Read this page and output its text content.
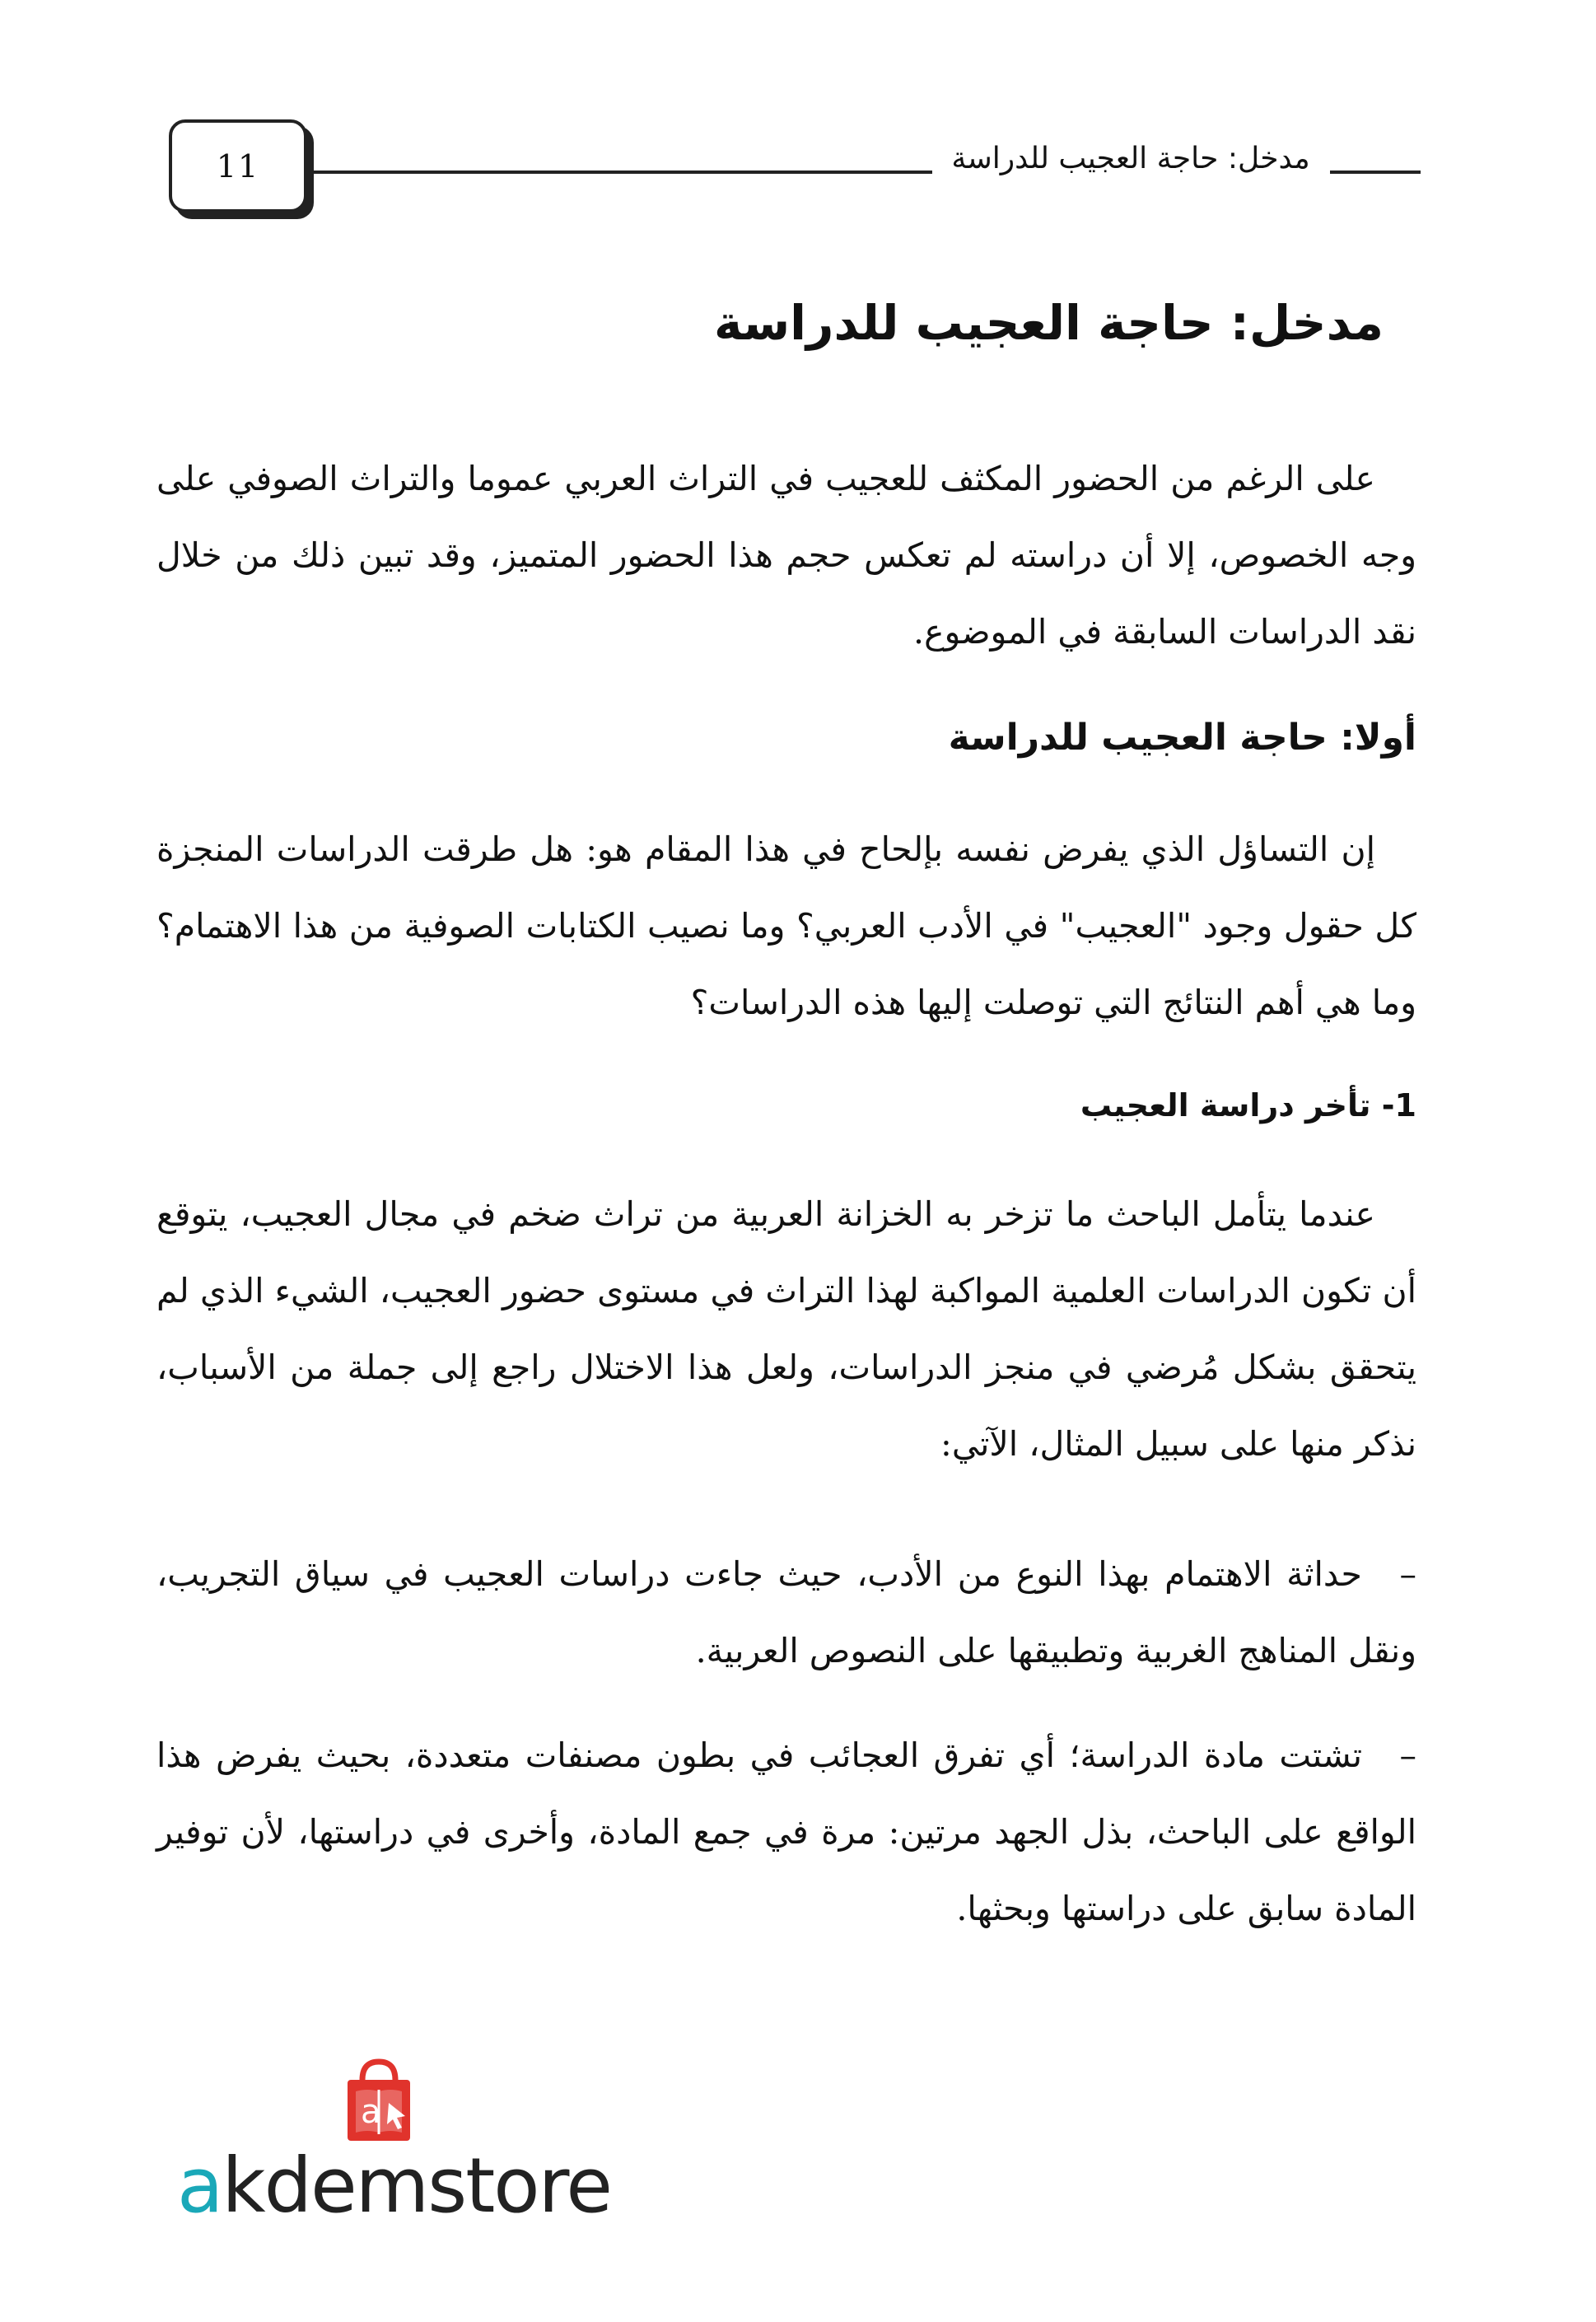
11	مدخل: حاجة العجيب للدراسة
مدخل: حاجة العجيب للدراسة

على الرغم من الحضور المكثف للعجيب في التراث العربي عموما والتراث الصوفي على وجه الخصوص، إلا أن دراسته لم تعكس حجم هذا الحضور المتميز، وقد تبين ذلك من خلال نقد الدراسات السابقة في الموضوع.

أولا: حاجة العجيب للدراسة

إن التساؤل الذي يفرض نفسه بإلحاح في هذا المقام هو: هل طرقت الدراسات المنجزة كل حقول وجود "العجيب" في الأدب العربي؟ وما نصيب الكتابات الصوفية من هذا الاهتمام؟ وما هي أهم النتائج التي توصلت إليها هذه الدراسات؟

1- تأخر دراسة العجيب

عندما يتأمل الباحث ما تزخر به الخزانة العربية من تراث ضخم في مجال العجيب، يتوقع أن تكون الدراسات العلمية المواكبة لهذا التراث في مستوى حضور العجيب، الشيء الذي لم يتحقق بشكل مُرضي في منجز الدراسات، ولعل هذا الاختلال راجع إلى جملة من الأسباب، نذكر منها على سبيل المثال، الآتي:

– حداثة الاهتمام بهذا النوع من الأدب، حيث جاءت دراسات العجيب في سياق التجريب، ونقل المناهج الغربية وتطبيقها على النصوص العربية.

– تشتت مادة الدراسة؛ أي تفرق العجائب في بطون مصنفات متعددة، بحيث يفرض هذا الواقع على الباحث، بذل الجهد مرتين: مرة في جمع المادة، وأخرى في دراستها، لأن توفير المادة سابق على دراستها وبحثها.

a
akdemstore
